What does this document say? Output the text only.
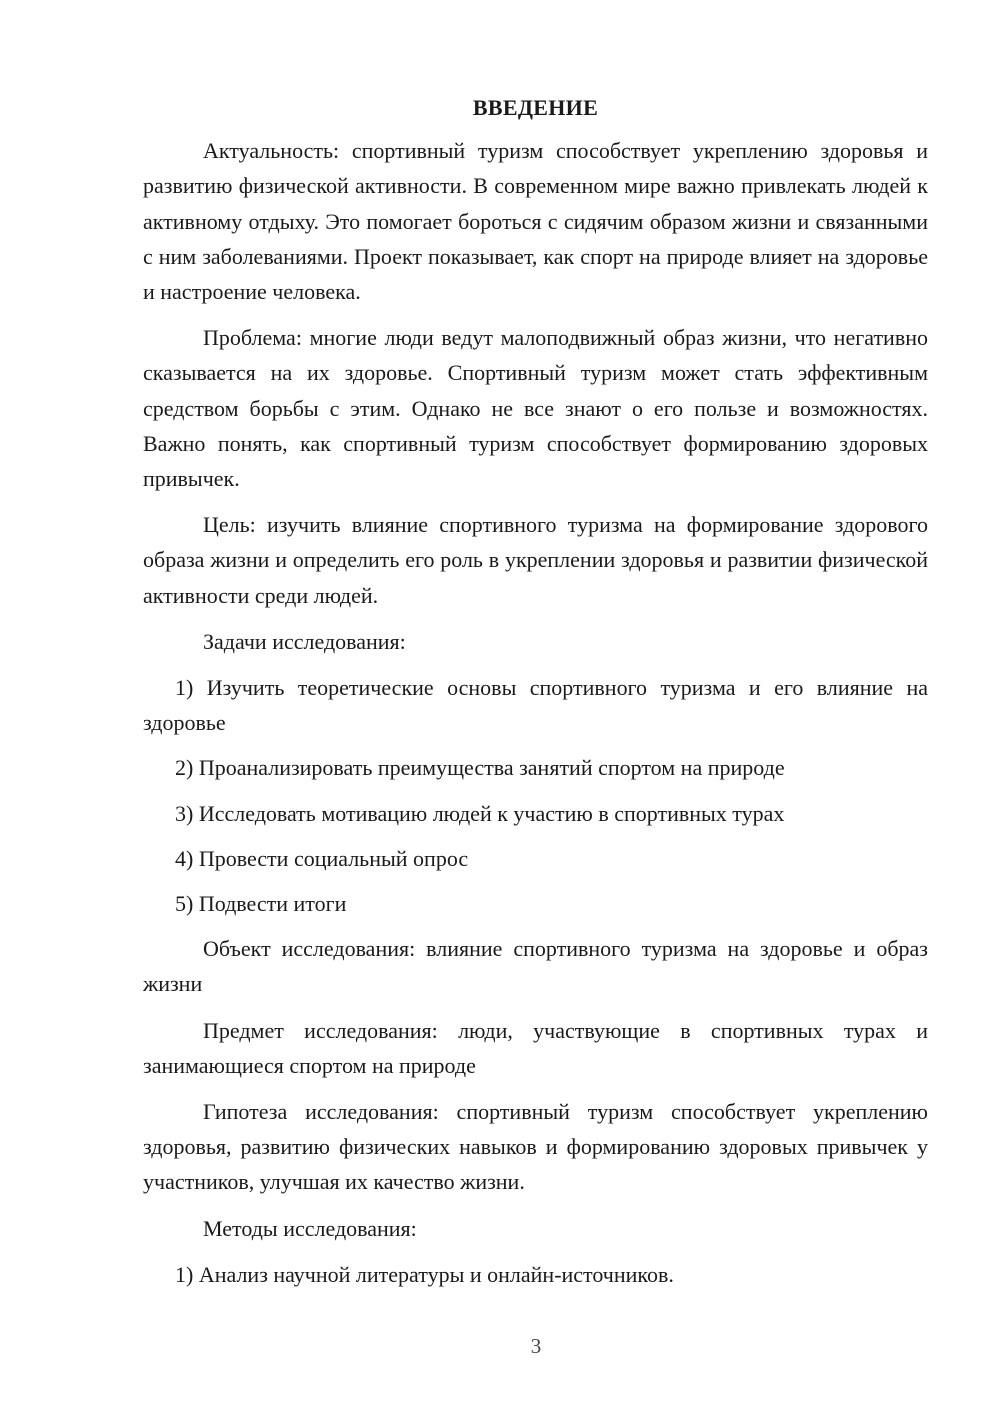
ВВЕДЕНИЕ

Актуальность: спортивный туризм способствует укреплению здоровья и развитию физической активности. В современном мире важно привлекать людей к активному отдыху. Это помогает бороться с сидячим образом жизни и связанными с ним заболеваниями. Проект показывает, как спорт на природе влияет на здоровье и настроение человека.

Проблема: многие люди ведут малоподвижный образ жизни, что негативно сказывается на их здоровье. Спортивный туризм может стать эффективным средством борьбы с этим. Однако не все знают о его пользе и возможностях. Важно понять, как спортивный туризм способствует формированию здоровых привычек.

Цель: изучить влияние спортивного туризма на формирование здорового образа жизни и определить его роль в укреплении здоровья и развитии физической активности среди людей.

Задачи исследования:

1) Изучить теоретические основы спортивного туризма и его влияние на здоровье

2) Проанализировать преимущества занятий спортом на природе

3) Исследовать мотивацию людей к участию в спортивных турах

4) Провести социальный опрос

5) Подвести итоги

Объект исследования: влияние спортивного туризма на здоровье и образ жизни

Предмет исследования: люди, участвующие в спортивных турах и занимающиеся спортом на природе

Гипотеза исследования: спортивный туризм способствует укреплению здоровья, развитию физических навыков и формированию здоровых привычек у участников, улучшая их качество жизни.

Методы исследования:

1) Анализ научной литературы и онлайн-источников.

3
